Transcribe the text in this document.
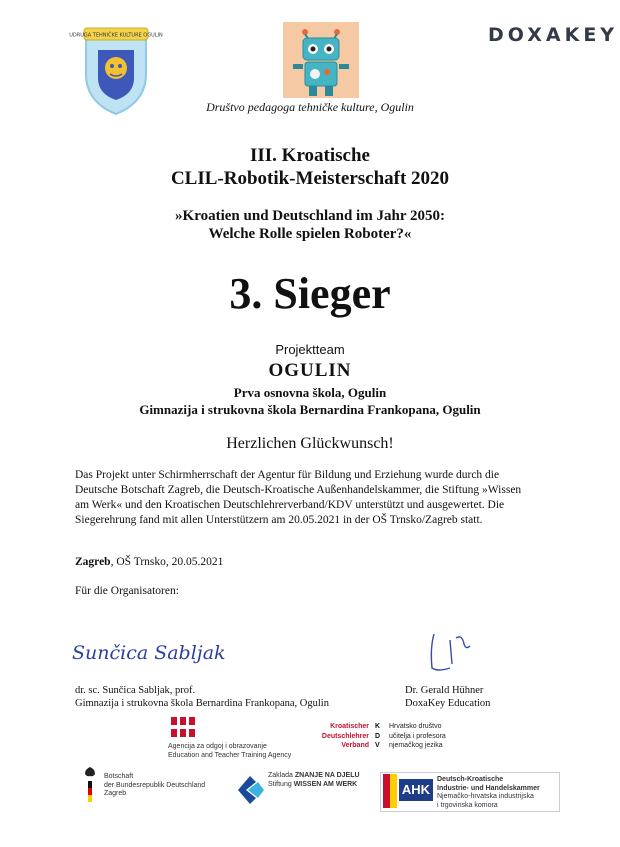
UDRUGA TEHNIČKE KULTURE OGULIN	DOXAKEY
Društvo pedagoga tehničke kulture, Ogulin
III. Kroatische
CLIL-Robotik-Meisterschaft 2020
»Kroatien und Deutschland im Jahr 2050:
Welche Rolle spielen Roboter?«
3. Sieger
Projektteam
OGULIN
Prva osnovna škola, Ogulin
Gimnazija i strukovna škola Bernardina Frankopana, Ogulin
Herzlichen Glückwunsch!
Das Projekt unter Schirmherrschaft der Agentur für Bildung und Erziehung wurde durch die
Deutsche Botschaft Zagreb, die Deutsch-Kroatische Außenhandelskammer, die Stiftung »Wissen
am Werk« und den Kroatischen Deutschlehrerverband/KDV unterstützt und ausgewertet. Die
Siegerehrung fand mit allen Unterstützern am 20.05.2021 in der OŠ Trnsko/Zagreb statt.
Zagreb, OŠ Trnsko, 20.05.2021
Für die Organisatoren:
Sunčica Sabljak
dr. sc. Sunčica Sabljak, prof.
Gimnazija i strukovna škola Bernardina Frankopana, Ogulin
Dr. Gerald Hühner
DoxaKey Education
Agencija za odgoj i obrazovanje
Education and Teacher Training Agency
Kroatischer
Deutschlehrer
Verband
K
D
V
Hrvatsko društvo
učitelja i profesora
njemačkog jezika
Botschaft
der Bundesrepublik Deutschland
Zagreb
Zaklada ZNANJE NA DJELU
Stiftung WISSEN AM WERK	AHK
Deutsch-Kroatische
Industrie- und Handelskammer
Njemačko-hrvatska industrijska
i trgovinska komora
